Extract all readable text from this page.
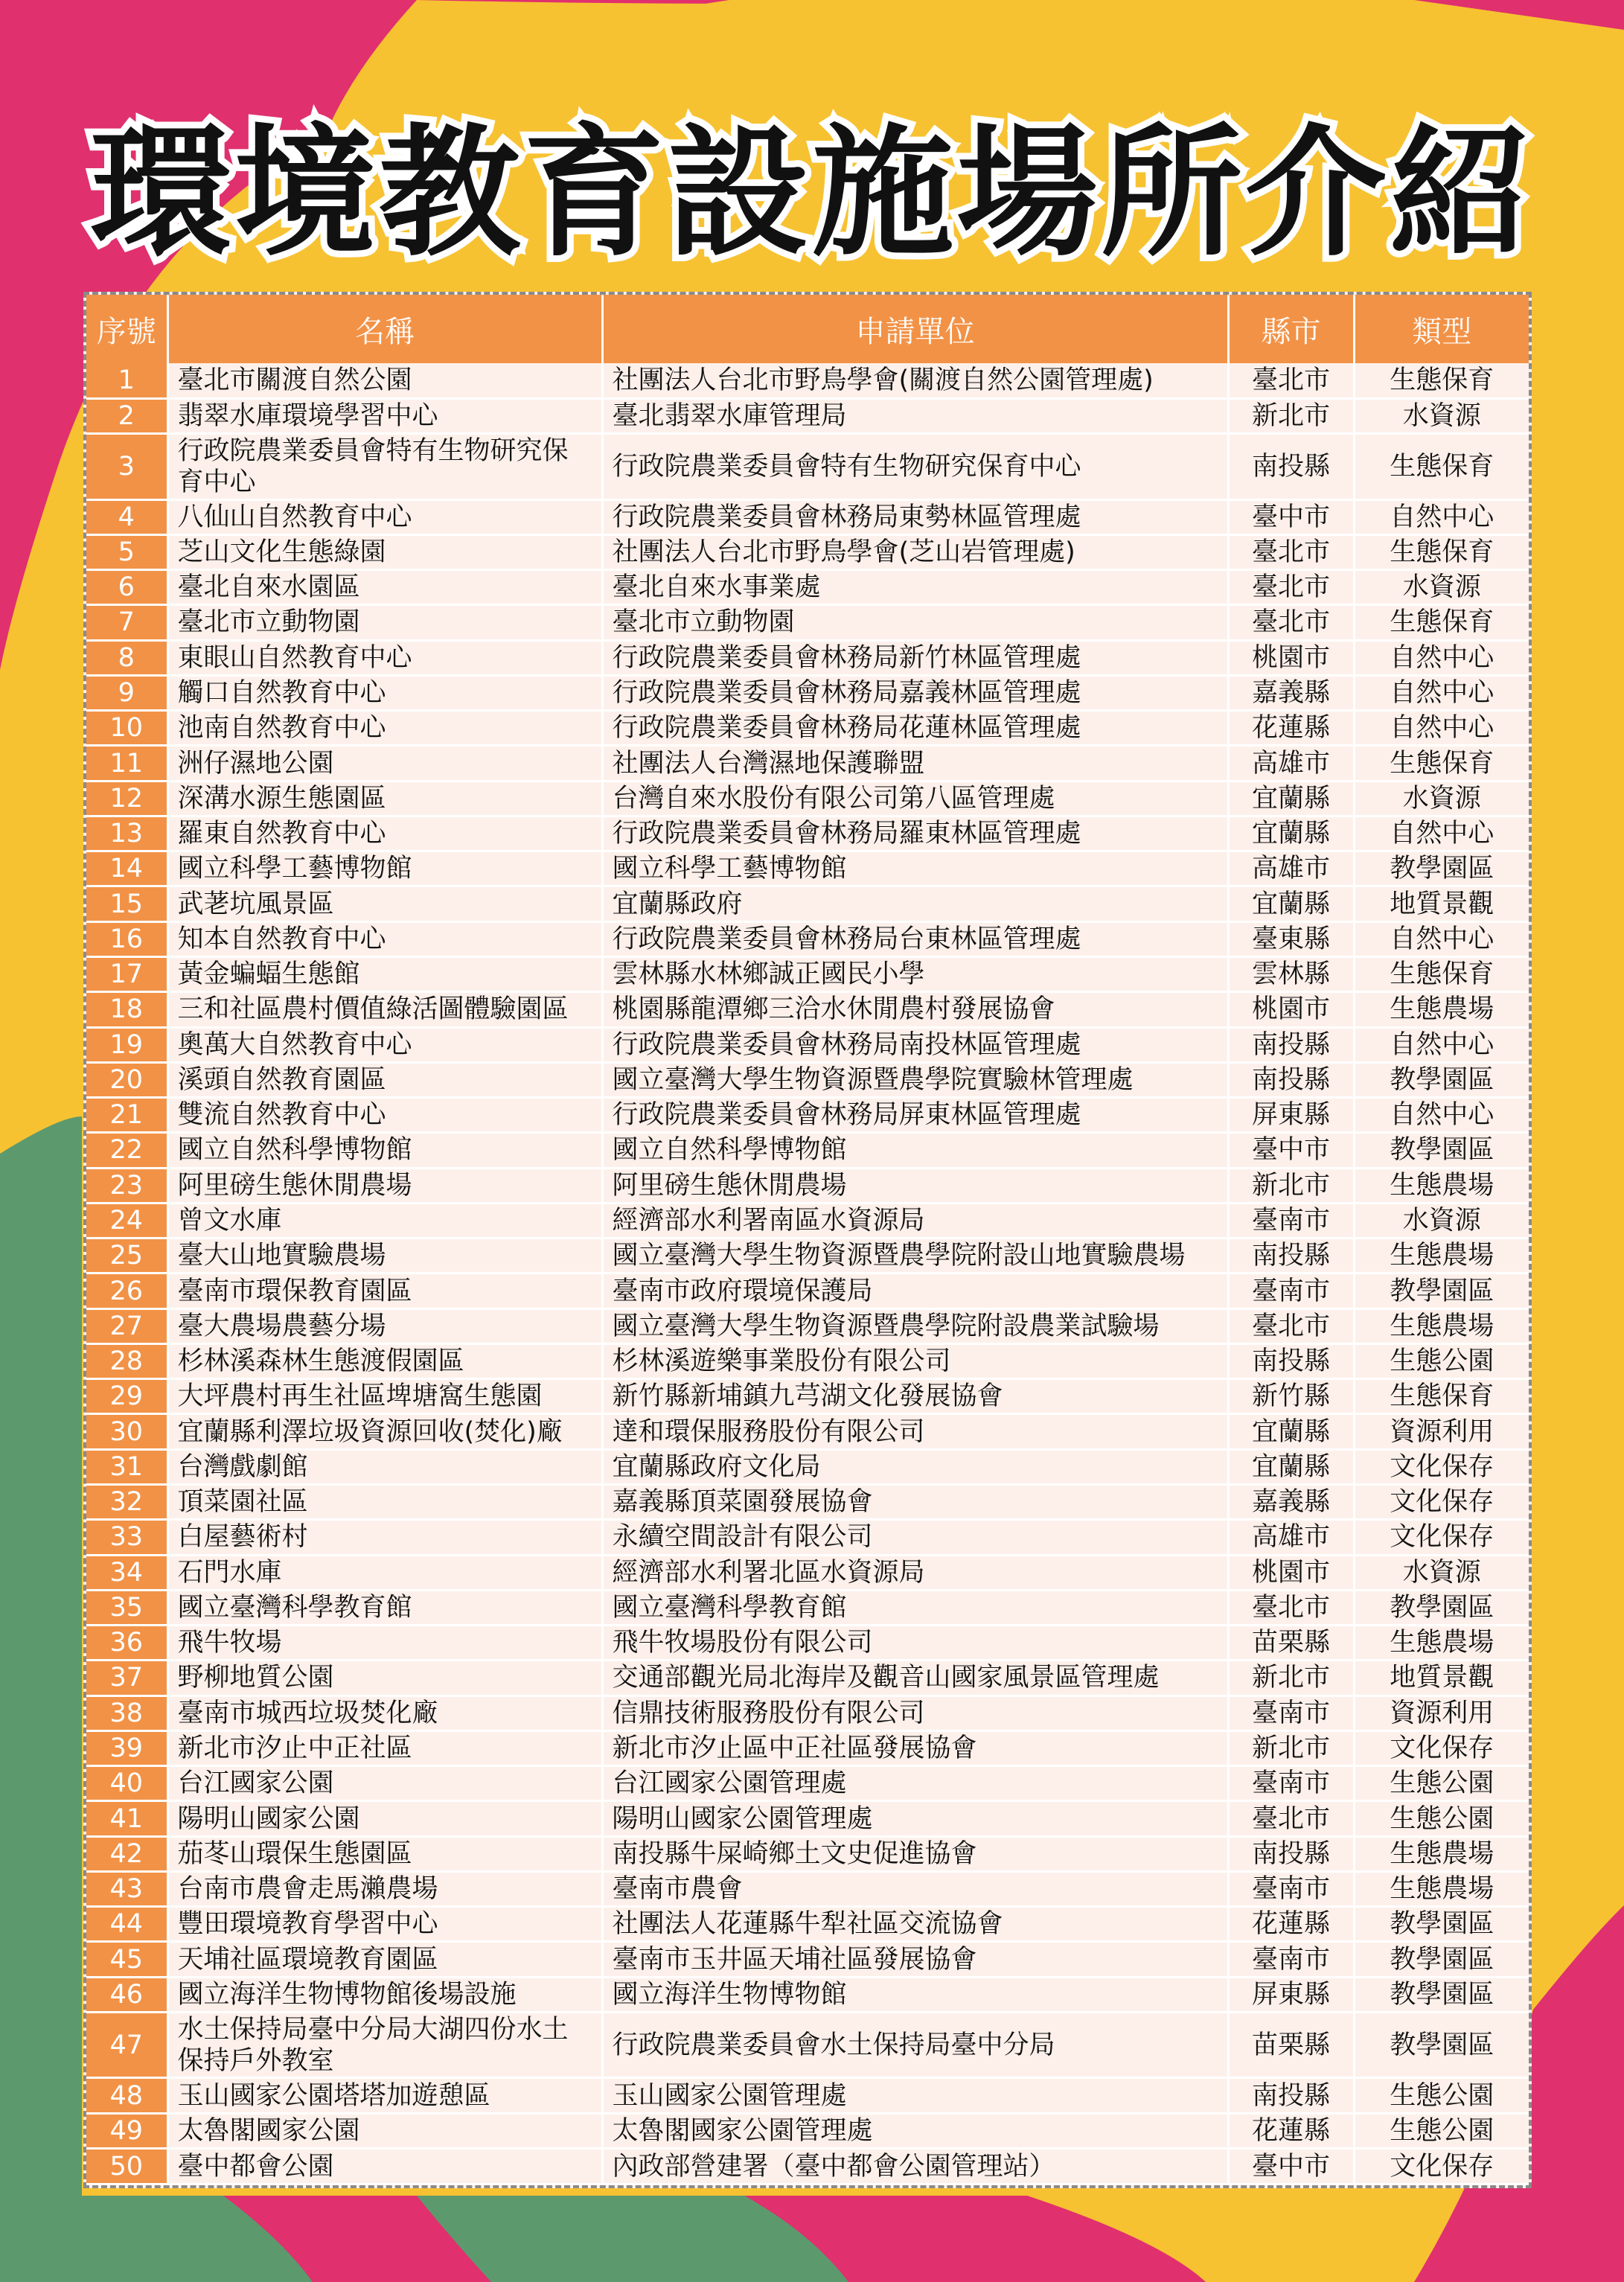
環境教育設施場所介紹
序號	名稱	申請單位	縣市	類型
1	臺北市關渡自然公園	社團法人台北市野鳥學會(關渡自然公園管理處)	臺北市	生態保育
2	翡翠水庫環境學習中心	臺北翡翠水庫管理局	新北市	水資源
3	行政院農業委員會特有生物研究保育中心	行政院農業委員會特有生物研究保育中心	南投縣	生態保育
4	八仙山自然教育中心	行政院農業委員會林務局東勢林區管理處	臺中市	自然中心
5	芝山文化生態綠園	社團法人台北市野鳥學會(芝山岩管理處)	臺北市	生態保育
6	臺北自來水園區	臺北自來水事業處	臺北市	水資源
7	臺北市立動物園	臺北市立動物園	臺北市	生態保育
8	東眼山自然教育中心	行政院農業委員會林務局新竹林區管理處	桃園市	自然中心
9	觸口自然教育中心	行政院農業委員會林務局嘉義林區管理處	嘉義縣	自然中心
10	池南自然教育中心	行政院農業委員會林務局花蓮林區管理處	花蓮縣	自然中心
11	洲仔濕地公園	社團法人台灣濕地保護聯盟	高雄市	生態保育
12	深溝水源生態園區	台灣自來水股份有限公司第八區管理處	宜蘭縣	水資源
13	羅東自然教育中心	行政院農業委員會林務局羅東林區管理處	宜蘭縣	自然中心
14	國立科學工藝博物館	國立科學工藝博物館	高雄市	教學園區
15	武荖坑風景區	宜蘭縣政府	宜蘭縣	地質景觀
16	知本自然教育中心	行政院農業委員會林務局台東林區管理處	臺東縣	自然中心
17	黃金蝙蝠生態館	雲林縣水林鄉誠正國民小學	雲林縣	生態保育
18	三和社區農村價值綠活圖體驗園區	桃園縣龍潭鄉三洽水休閒農村發展協會	桃園市	生態農場
19	奧萬大自然教育中心	行政院農業委員會林務局南投林區管理處	南投縣	自然中心
20	溪頭自然教育園區	國立臺灣大學生物資源暨農學院實驗林管理處	南投縣	教學園區
21	雙流自然教育中心	行政院農業委員會林務局屏東林區管理處	屏東縣	自然中心
22	國立自然科學博物館	國立自然科學博物館	臺中市	教學園區
23	阿里磅生態休閒農場	阿里磅生態休閒農場	新北市	生態農場
24	曾文水庫	經濟部水利署南區水資源局	臺南市	水資源
25	臺大山地實驗農場	國立臺灣大學生物資源暨農學院附設山地實驗農場	南投縣	生態農場
26	臺南市環保教育園區	臺南市政府環境保護局	臺南市	教學園區
27	臺大農場農藝分場	國立臺灣大學生物資源暨農學院附設農業試驗場	臺北市	生態農場
28	杉林溪森林生態渡假園區	杉林溪遊樂事業股份有限公司	南投縣	生態公園
29	大坪農村再生社區埤塘窩生態園	新竹縣新埔鎮九芎湖文化發展協會	新竹縣	生態保育
30	宜蘭縣利澤垃圾資源回收(焚化)廠	達和環保服務股份有限公司	宜蘭縣	資源利用
31	台灣戲劇館	宜蘭縣政府文化局	宜蘭縣	文化保存
32	頂菜園社區	嘉義縣頂菜園發展協會	嘉義縣	文化保存
33	白屋藝術村	永續空間設計有限公司	高雄市	文化保存
34	石門水庫	經濟部水利署北區水資源局	桃園市	水資源
35	國立臺灣科學教育館	國立臺灣科學教育館	臺北市	教學園區
36	飛牛牧場	飛牛牧場股份有限公司	苗栗縣	生態農場
37	野柳地質公園	交通部觀光局北海岸及觀音山國家風景區管理處	新北市	地質景觀
38	臺南市城西垃圾焚化廠	信鼎技術服務股份有限公司	臺南市	資源利用
39	新北市汐止中正社區	新北市汐止區中正社區發展協會	新北市	文化保存
40	台江國家公園	台江國家公園管理處	臺南市	生態公園
41	陽明山國家公園	陽明山國家公園管理處	臺北市	生態公園
42	茄苳山環保生態園區	南投縣牛屎崎鄉土文史促進協會	南投縣	生態農場
43	台南市農會走馬瀨農場	臺南市農會	臺南市	生態農場
44	豐田環境教育學習中心	社團法人花蓮縣牛犁社區交流協會	花蓮縣	教學園區
45	天埔社區環境教育園區	臺南市玉井區天埔社區發展協會	臺南市	教學園區
46	國立海洋生物博物館後場設施	國立海洋生物博物館	屏東縣	教學園區
47	水土保持局臺中分局大湖四份水土保持戶外教室	行政院農業委員會水土保持局臺中分局	苗栗縣	教學園區
48	玉山國家公園塔塔加遊憩區	玉山國家公園管理處	南投縣	生態公園
49	太魯閣國家公園	太魯閣國家公園管理處	花蓮縣	生態公園
50	臺中都會公園	內政部營建署（臺中都會公園管理站）	臺中市	文化保存
